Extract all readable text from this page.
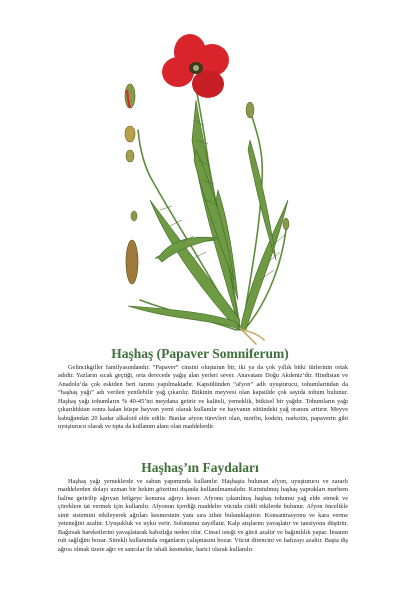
Haşhaş (Papaver Somniferum)

Gelincikgiller familyasındandır. “Papaver” cinsini oluşturan bir, iki ya da çok yıllık bitki türlerinin ortak adıdır. Yazların sıcak geçtiği, orta derecede yağış alan yerleri sever. Anavatanı Doğu Akdeniz’dir. Hindistan ve Anadolu’da çok eskiden beri tarımı yapılmaktadır. Kapsülünden “afyon” adlı uyuşturucu, tohumlarından da “haşhaş yağı” adı verilen yenilebilir yağ çıkarılır. Bitkinin meyvesi olan kapsülde çok sayıda tohum bulunur. Haşhaş yağı tohumların % 40-45’ini meydana getirir ve kaliteli, yemeklik, bitkisel bir yağdır. Tohumların yağı çıkarıldıktan sonra kalan küspe hayvan yemi olarak kullanılır ve hayvanın sütündeki yağ oranını arttırır. Meyve kabuğundan 20 kadar alkaloid elde edilir. Bunlar afyon türevleri olan, morfin, kodein, narkotin, papaverin gibi uyuşturucu olarak ve tıpta da kullanım alanı olan maddelerdir.

Haşhaş’ın Faydaları

Haşhaş yağı yemeklerde ve sabun yapımında kullanılır. Haşhaşta bulunan afyon, uyuşturucu ve zararlı maddelerden dolayı uzman bir hekim gözetimi dışında kullanılmamalıdır. Kurutulmuş haşhaş yaprakları merhem haline getirilip ağrıyan bölgeye konursa ağrıyı keser. Afyonu çıkarılmış haşhaş tohumu yağ elde etmek ve çöreklere tat vermek için kullanılır. Afyonun içerdiği maddeler vücuda ciddi etkilerde bulunur. Afyon öncelikle sinir sistemini etkileyerek ağrıları kesmesinin yanı sıra zihni bulanıklaştırır. Konsantrasyonu ve kara verme yeteneğini azaltır. Uyuşukluk ve uyku verir. Solunumu zayıflatır. Kalp atışlarını yavaşlatır ve tansiyonu düşürür. Bağırsak hareketlerini yavaşlatarak kabızlığa neden olur. Cinsel isteği ve gücü azaltır ve bağımlılık yapar. İnsanın ruh sağlığını bozar. Sürekli kullanımda organların çalışmasını bozar. Vücut direncini ve hafızayı azaltır. Baştа diş ağrısı olmak üzere ağrı ve sancılar ile ishali kesmekte, harici olarak kullanılır.
